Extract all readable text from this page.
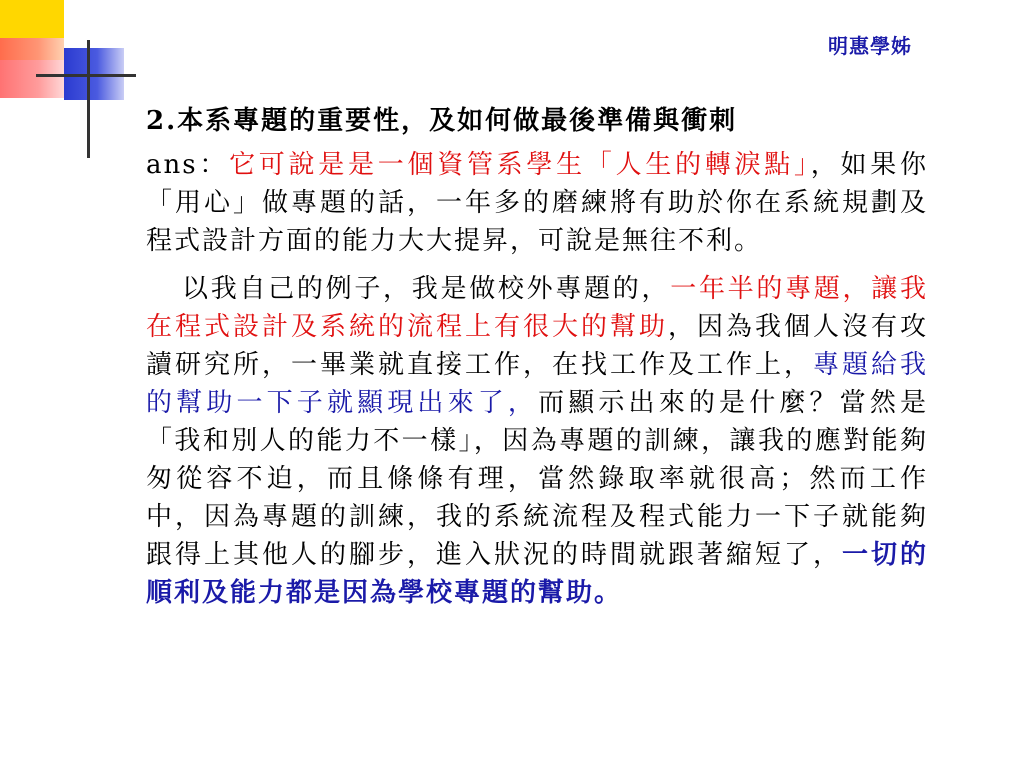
明惠學姊

2.本系專題的重要性，及如何做最後準備與衝刺

ans：它可說是是一個資管系學生「人生的轉淚點」，如果你「用心」做專題的話，一年多的磨練將有助於你在系統規劃及程式設計方面的能力大大提昇，可說是無往不利。

以我自己的例子，我是做校外專題的，一年半的專題，讓我在程式設計及系統的流程上有很大的幫助，因為我個人沒有攻讀研究所，一畢業就直接工作，在找工作及工作上，專題給我的幫助一下子就顯現出來了，而顯示出來的是什麼？當然是「我和別人的能力不一樣」，因為專題的訓練，讓我的應對能夠匆從容不迫，而且條條有理，當然錄取率就很高；然而工作中，因為專題的訓練，我的系統流程及程式能力一下子就能夠跟得上其他人的腳步，進入狀況的時間就跟著縮短了，一切的順利及能力都是因為學校專題的幫助。
